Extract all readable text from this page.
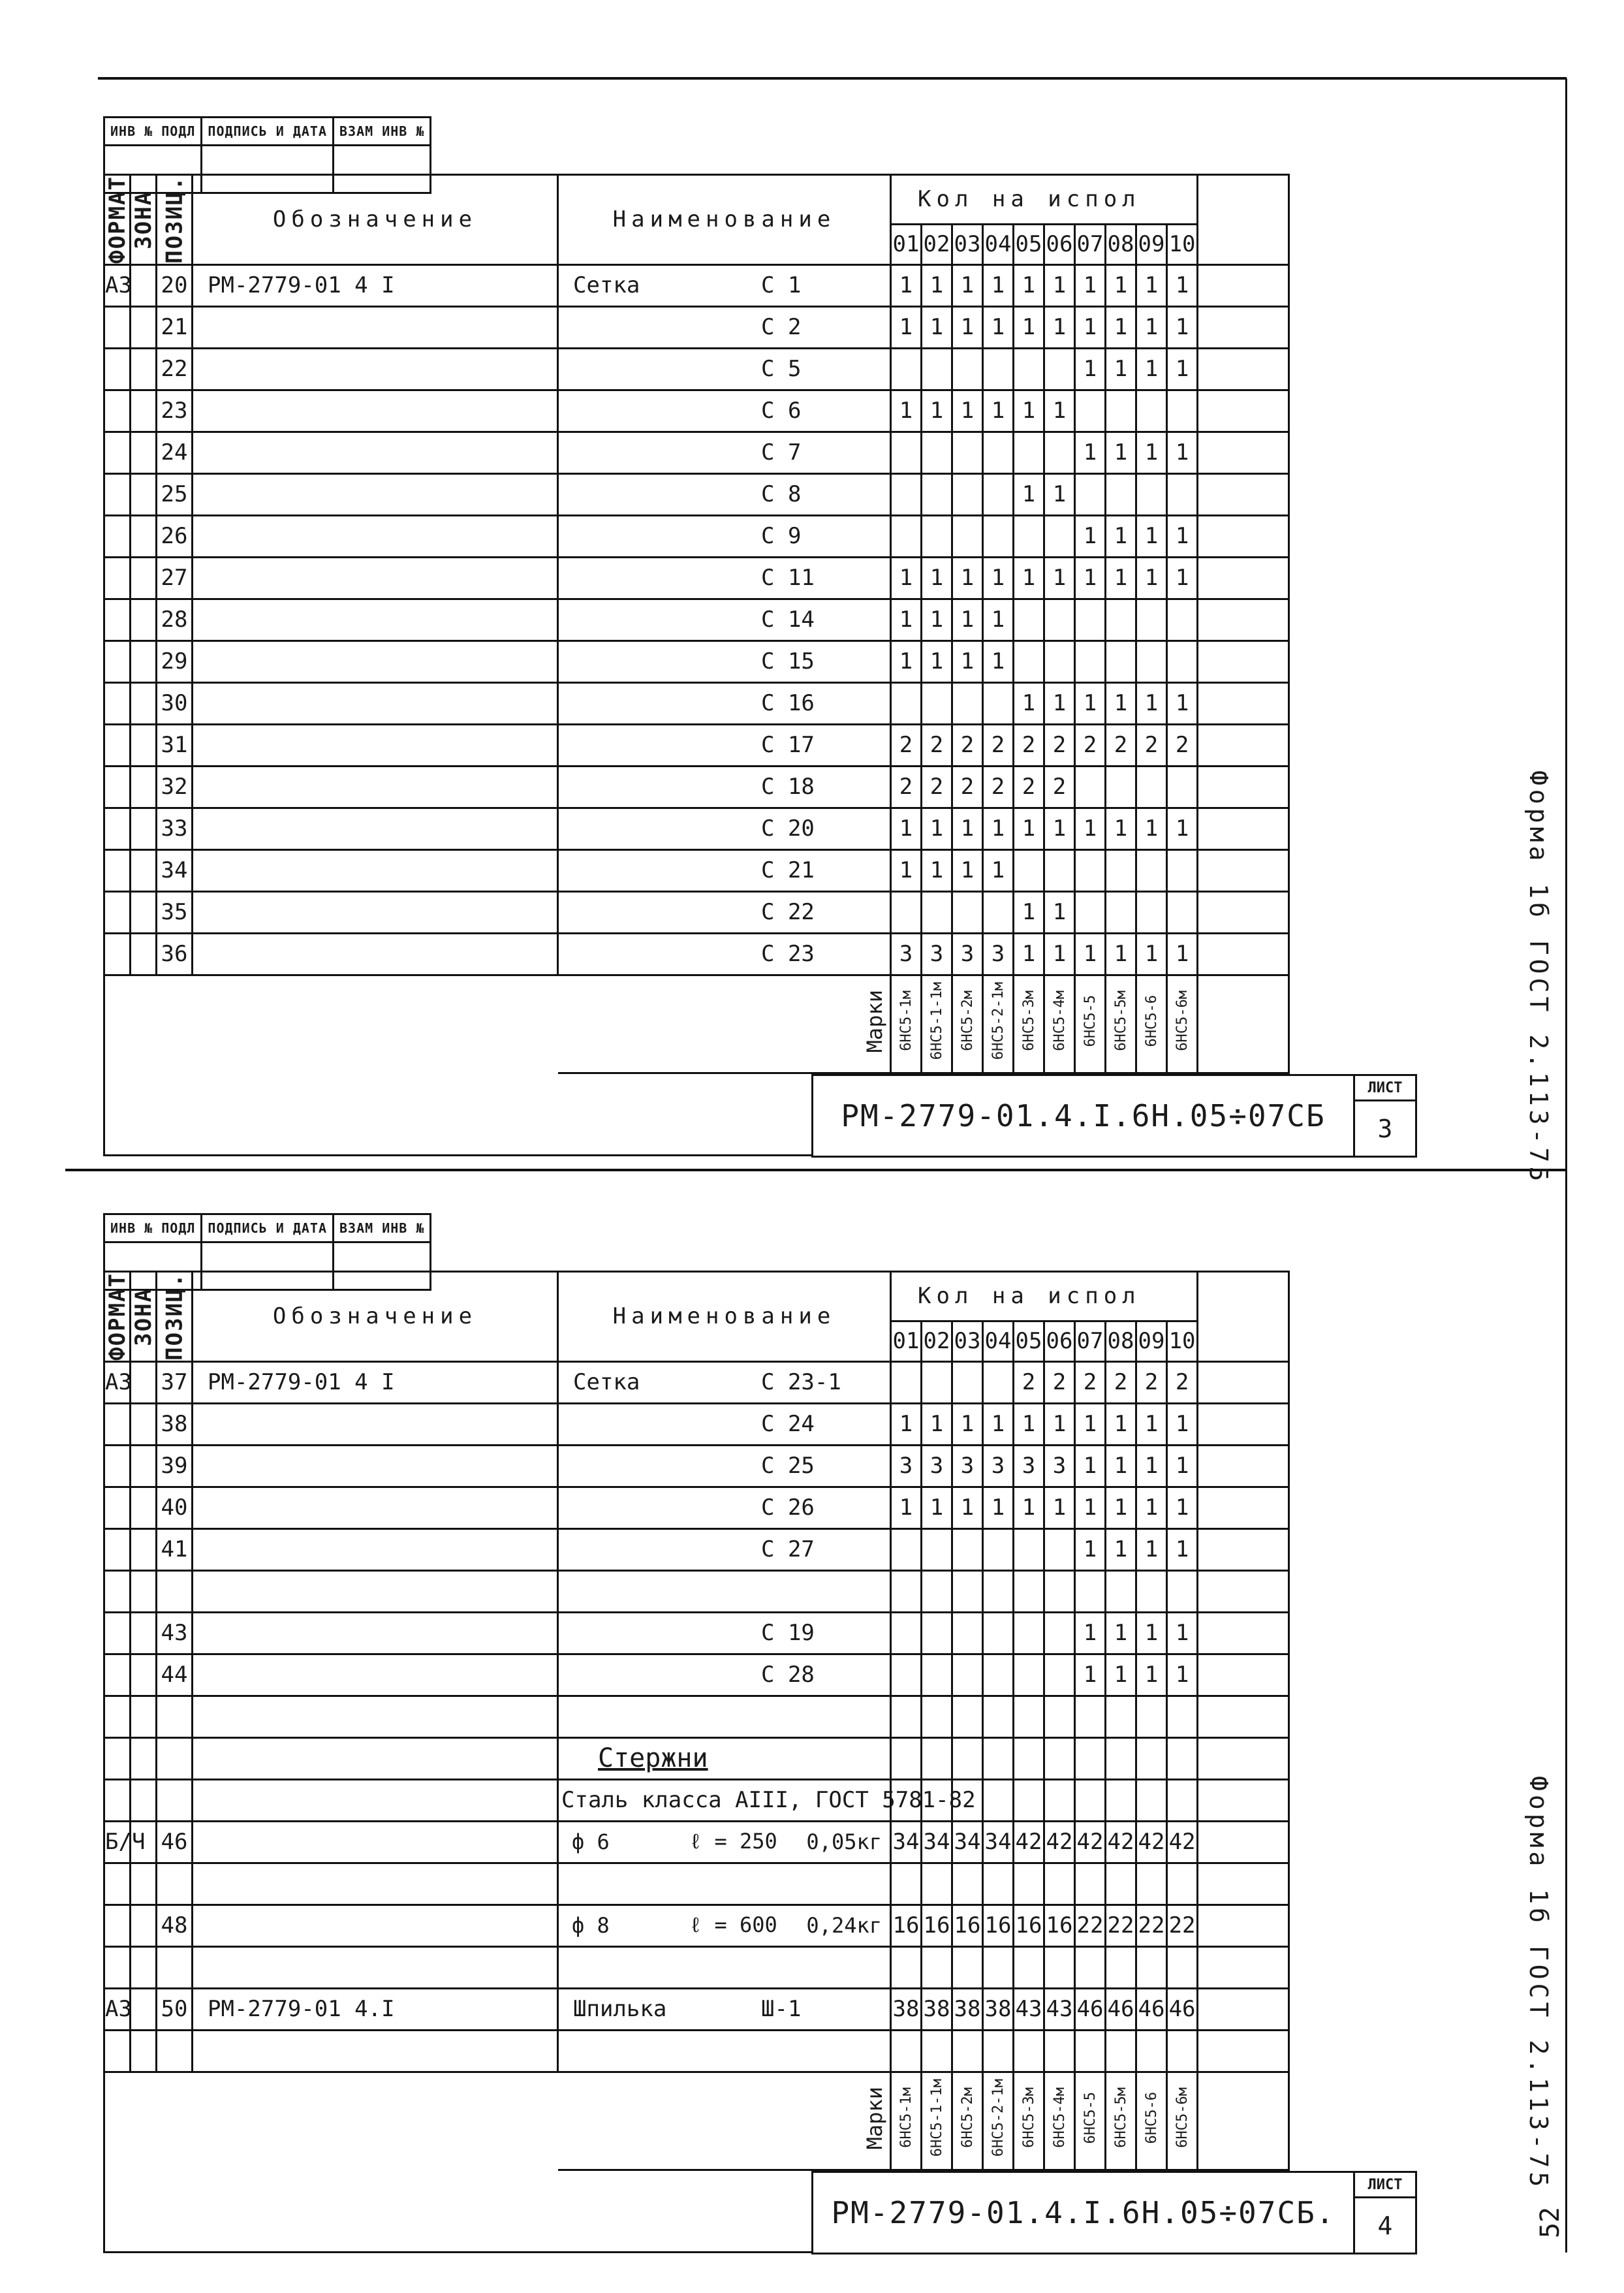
ИНВ № ПОДЛ	ПОДПИСЬ И ДАТА	ВЗАМ ИНВ №

ФОРМАТ	ЗОНА	ПОЗИЦ.	Обозначение	Наименование	Кол на испол										
					01	02	03	04	05	06	07	08	09	10	
А3		20	РМ-2779-01 4 I	Сетка С 1	1	1	1	1	1	1	1	1	1	1	
		21		С 2	1	1	1	1	1	1	1	1	1	1	
		22		С 5							1	1	1	1	
		23		С 6	1	1	1	1	1	1					
		24		С 7							1	1	1	1	
		25		С 8					1	1					
		26		С 9							1	1	1	1	
		27		С 11	1	1	1	1	1	1	1	1	1	1	
		28		С 14	1	1	1	1							
		29		С 15	1	1	1	1							
		30		С 16					1	1	1	1	1	1	
		31		С 17	2	2	2	2	2	2	2	2	2	2	
		32		С 18	2	2	2	2	2	2					
		33		С 20	1	1	1	1	1	1	1	1	1	1	
		34		С 21	1	1	1	1							
		35		С 22					1	1					
		36		С 23	3	3	3	3	1	1	1	1	1	1	
				Марки	6НС5-1м	6НС5-1-1м	6НС5-2м	6НС5-2-1м	6НС5-3м	6НС5-4м	6НС5-5	6НС5-5м	6НС5-6	6НС5-6м	
РМ-2779-01.4.I.6Н.05÷07СБ	ЛИСТ
3
ИНВ № ПОДЛ	ПОДПИСЬ И ДАТА	ВЗАМ ИНВ №

ФОРМАТ	ЗОНА	ПОЗИЦ.	Обозначение	Наименование	Кол на испол										
					01	02	03	04	05	06	07	08	09	10	
А3		37	РМ-2779-01 4 I	Сетка С 23-1					2	2	2	2	2	2	
		38		С 24	1	1	1	1	1	1	1	1	1	1	
		39		С 25	3	3	3	3	3	3	1	1	1	1	
		40		С 26	1	1	1	1	1	1	1	1	1	1	
		41		С 27							1	1	1	1	

		43		С 19							1	1	1	1	
		44		С 28							1	1	1	1	

				Стержни											
				Сталь класса АIII, ГОСТ 5781-82											
Б/Ч		46		ф 6 ℓ = 250 0,05кг	34	34	34	34	42	42	42	42	42	42	

		48		ф 8 ℓ = 600 0,24кг	16	16	16	16	16	16	22	22	22	22	

А3		50	РМ-2779-01 4.I	Шпилька Ш-1	38	38	38	38	43	43	46	46	46	46	

				Марки	6НС5-1м	6НС5-1-1м	6НС5-2м	6НС5-2-1м	6НС5-3м	6НС5-4м	6НС5-5	6НС5-5м	6НС5-6	6НС5-6м	
РМ-2779-01.4.I.6Н.05÷07СБ.	ЛИСТ
4
Форма 1б ГОСТ 2.113-75
Форма 1б ГОСТ 2.113-75
52
